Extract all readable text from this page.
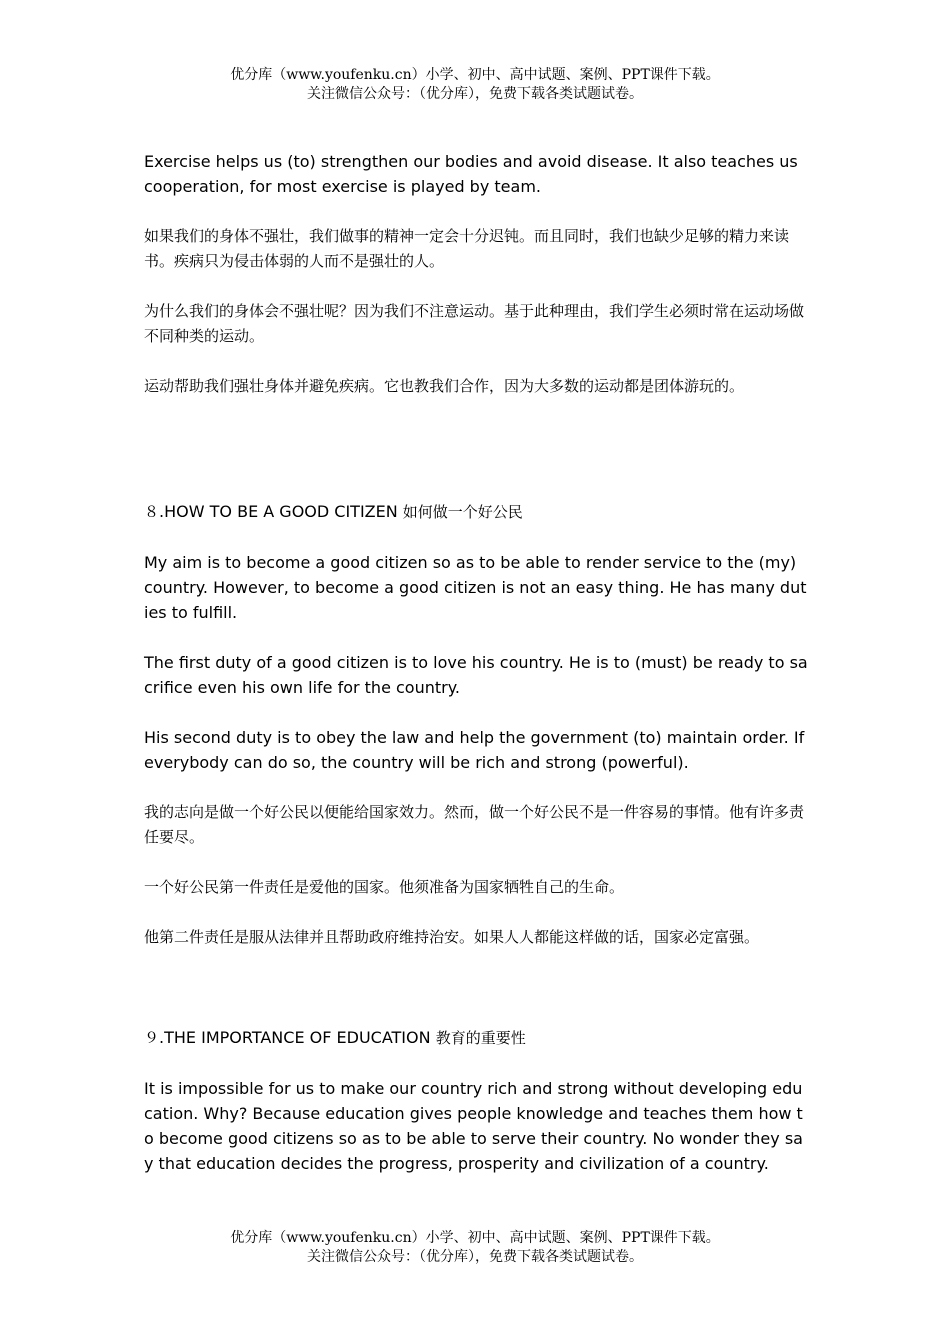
优分库（www.youfenku.cn）小学、初中、高中试题、案例、PPT课件下载。
关注微信公众号：（优分库），免费下载各类试题试卷。

Exercise helps us (to) strengthen our bodies and avoid disease. It also teaches us cooperation, for most exercise is played by team.

如果我们的身体不强壮，我们做事的精神一定会十分迟钝。而且同时，我们也缺少足够的精力来读书。疾病只为侵击体弱的人而不是强壮的人。

为什么我们的身体会不强壮呢？因为我们不注意运动。基于此种理由，我们学生必须时常在运动场做不同种类的运动。

运动帮助我们强壮身体并避免疾病。它也教我们合作，因为大多数的运动都是团体游玩的。

８.HOW TO BE A GOOD CITIZEN 如何做一个好公民

My aim is to become a good citizen so as to be able to render service to the (my) country. However, to become a good citizen is not an easy thing. He has many duties to fulfill.

The first duty of a good citizen is to love his country. He is to (must) be ready to sacrifice even his own life for the country.

His second duty is to obey the law and help the government (to) maintain order. If everybody can do so, the country will be rich and strong (powerful).

我的志向是做一个好公民以便能给国家效力。然而，做一个好公民不是一件容易的事情。他有许多责任要尽。

一个好公民第一件责任是爱他的国家。他须准备为国家牺牲自己的生命。

他第二件责任是服从法律并且帮助政府维持治安。如果人人都能这样做的话，国家必定富强。

９.THE IMPORTANCE OF EDUCATION 教育的重要性

It is impossible for us to make our country rich and strong without developing education. Why? Because education gives people knowledge and teaches them how to become good citizens so as to be able to serve their country. No wonder they say that education decides the progress, prosperity and civilization of a country.

优分库（www.youfenku.cn）小学、初中、高中试题、案例、PPT课件下载。
关注微信公众号：（优分库），免费下载各类试题试卷。
